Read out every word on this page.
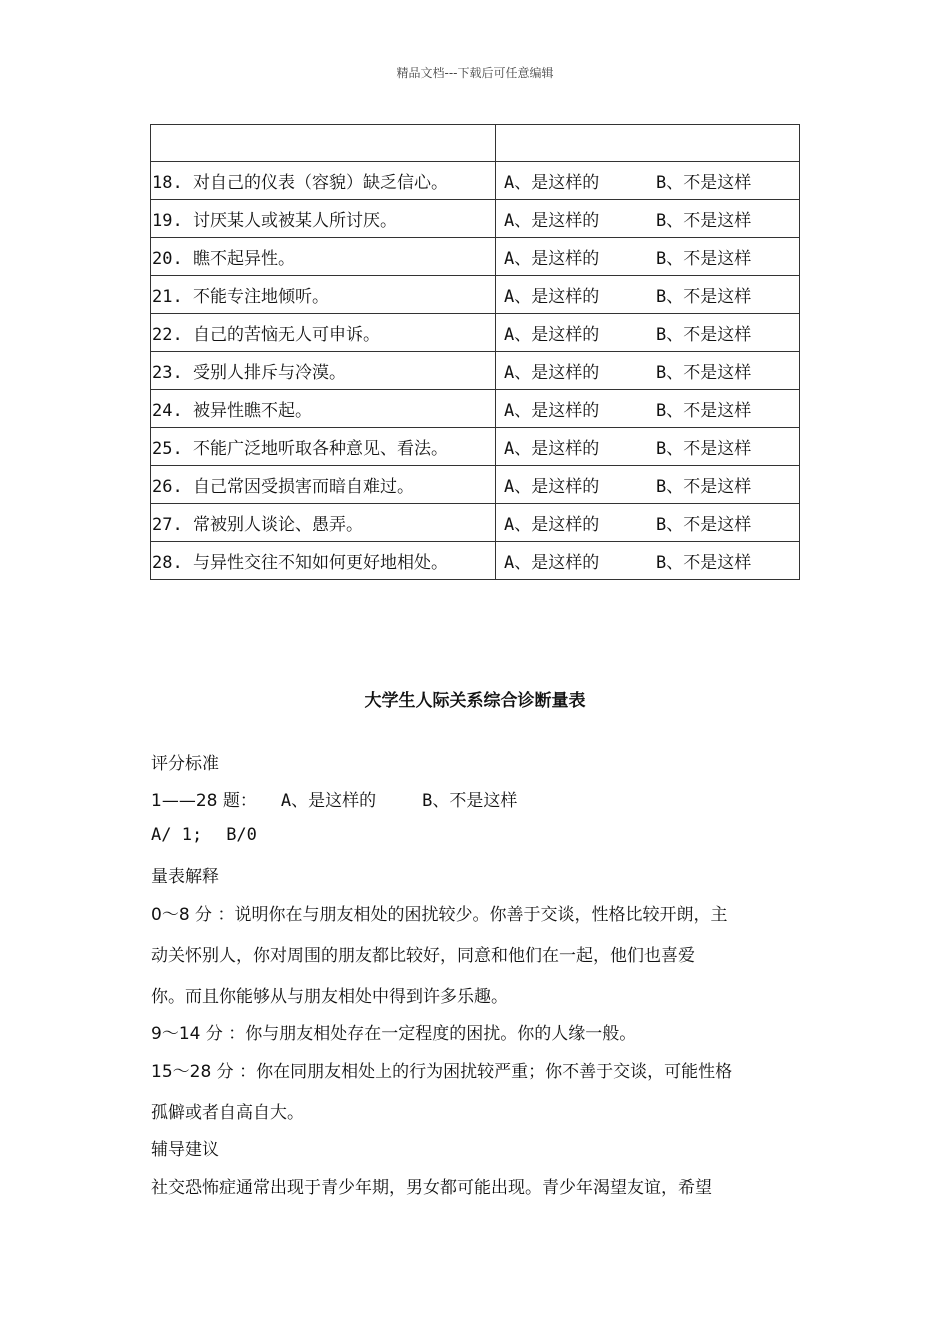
精品文档---下载后可任意编辑

18. 对自己的仪表（容貌）缺乏信心。	A、是这样的 B、不是这样
19. 讨厌某人或被某人所讨厌。	A、是这样的 B、不是这样
20. 瞧不起异性。	A、是这样的 B、不是这样
21. 不能专注地倾听。	A、是这样的 B、不是这样
22. 自己的苦恼无人可申诉。	A、是这样的 B、不是这样
23. 受别人排斥与冷漠。	A、是这样的 B、不是这样
24. 被异性瞧不起。	A、是这样的 B、不是这样
25. 不能广泛地听取各种意见、看法。	A、是这样的 B、不是这样
26. 自己常因受损害而暗自难过。	A、是这样的 B、不是这样
27. 常被别人谈论、愚弄。	A、是这样的 B、不是这样
28. 与异性交往不知如何更好地相处。	A、是这样的 B、不是这样
大学生人际关系综合诊断量表
评分标准
1——28 题： A、是这样的	B、不是这样
A/ 1; B/0
量表解释
0～8 分 ：说明你在与朋友相处的困扰较少。你善于交谈，性格比较开朗，主
动关怀别人，你对周围的朋友都比较好，同意和他们在一起，他们也喜爱
你。而且你能够从与朋友相处中得到许多乐趣。
9～14 分 ：你与朋友相处存在一定程度的困扰。你的人缘一般。
15～28 分 ：你在同朋友相处上的行为困扰较严重；你不善于交谈，可能性格
孤僻或者自高自大。
辅导建议
社交恐怖症通常出现于青少年期，男女都可能出现。青少年渴望友谊，希望
